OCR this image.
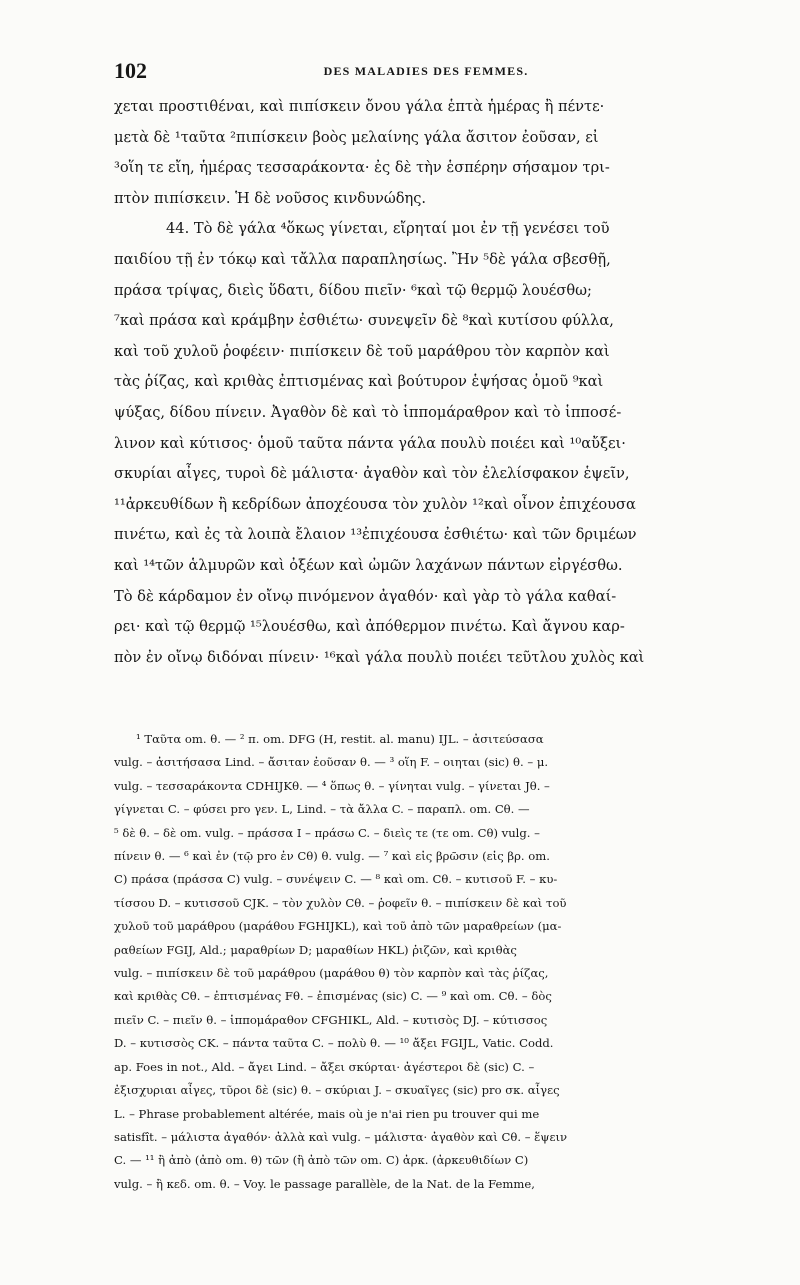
102	DES MALADIES DES FEMMES.
χεται προστιθέναι, καὶ πιπίσκειν ὄνου γάλα ἑπτὰ ἡμέρας ἢ πέντε·
μετὰ δὲ ¹ταῦτα ²πιπίσκειν βοὸς μελαίνης γάλα ἄσιτον ἐοῦσαν, εἰ
³οἵη τε εἴη, ἡμέρας τεσσαράκοντα· ἐς δὲ τὴν ἑσπέρην σήσαμον τρι-
πτὸν πιπίσκειν. Ἡ δὲ νοῦσος κινδυνώδης.
44. Τὸ δὲ γάλα ⁴ὅκως γίνεται, εἴρηταί μοι ἐν τῇ γενέσει τοῦ
παιδίου τῇ ἐν τόκῳ καὶ τἄλλα παραπλησίως. Ἢν ⁵δὲ γάλα σβεσθῇ,
πράσα τρίψας, διεὶς ὕδατι, δίδου πιεῖν· ⁶καὶ τῷ θερμῷ λουέσθω;
⁷καὶ πράσα καὶ κράμβην ἐσθιέτω· συνεψεῖν δὲ ⁸καὶ κυτίσου φύλλα,
καὶ τοῦ χυλοῦ ῥοφέειν· πιπίσκειν δὲ τοῦ μαράθρου τὸν καρπὸν καὶ
τὰς ῥίζας, καὶ κριθὰς ἐπτισμένας καὶ βούτυρον ἑψήσας ὁμοῦ ⁹καὶ
ψύξας, δίδου πίνειν. Ἀγαθὸν δὲ καὶ τὸ ἱππομάραθρον καὶ τὸ ἱπποσέ-
λινον καὶ κύτισος· ὁμοῦ ταῦτα πάντα γάλα πουλὺ ποιέει καὶ ¹⁰αὔξει·
σκυρίαι αἶγες, τυροὶ δὲ μάλιστα· ἀγαθὸν καὶ τὸν ἐλελίσφακον ἑψεῖν,
¹¹ἀρκευθίδων ἢ κεδρίδων ἀποχέουσα τὸν χυλὸν ¹²καὶ οἶνον ἐπιχέουσα
πινέτω, καὶ ἐς τὰ λοιπὰ ἔλαιον ¹³ἐπιχέουσα ἐσθιέτω· καὶ τῶν δριμέων
καὶ ¹⁴τῶν ἁλμυρῶν καὶ ὀξέων καὶ ὠμῶν λαχάνων πάντων εἰργέσθω.
Τὸ δὲ κάρδαμον ἐν οἴνῳ πινόμενον ἀγαθόν· καὶ γὰρ τὸ γάλα καθαί-
ρει· καὶ τῷ θερμῷ ¹⁵λουέσθω, καὶ ἀπόθερμον πινέτω. Καὶ ἄγνου καρ-
πὸν ἐν οἴνῳ διδόναι πίνειν· ¹⁶καὶ γάλα πουλὺ ποιέει τεῦτλου χυλὸς καὶ
¹ Ταῦτα om. θ. — ² π. om. DFG (H, restit. al. manu) IJL. – ἀσιτεύσασα
vulg. – ἀσιτήσασα Lind. – ἄσιταν ἐοῦσαν θ. — ³ οἵη F. – οιηται (sic) θ. – μ.
vulg. – τεσσαράκοντα CDHIJKθ. — ⁴ ὅπως θ. – γίνηται vulg. – γίνεται Jθ. –
γίγνεται C. – φύσει pro γεν. L, Lind. – τὰ ἄλλα C. – παραπλ. om. Cθ. —
⁵ δὲ θ. – δὲ om. vulg. – πράσσα I – πράσω C. – διεὶς τε (τε om. Cθ) vulg. –
πίνειν θ. — ⁶ καὶ ἐν (τῷ pro ἐν Cθ) θ. vulg. — ⁷ καὶ εἰς βρῶσιν (εἰς βρ. om.
C) πράσα (πράσσα C) vulg. – συνέψειν C. — ⁸ καὶ om. Cθ. – κυτισοῦ F. – κυ-
τίσσου D. – κυτισσοῦ CJK. – τὸν χυλὸν Cθ. – ῥοφεῖν θ. – πιπίσκειν δὲ καὶ τοῦ
χυλοῦ τοῦ μαράθρου (μαράθου FGHIJKL), καὶ τοῦ ἀπὸ τῶν μαραθρείων (μα-
ραθείων FGIJ, Ald.; μαραθρίων D; μαραθίων HKL) ῥιζῶν, καὶ κριθὰς
vulg. – πιπίσκειν δὲ τοῦ μαράθρου (μαράθου θ) τὸν καρπὸν καὶ τὰς ῥίζας,
καὶ κριθὰς Cθ. – ἐπτισμένας Fθ. – ἐπισμένας (sic) C. — ⁹ καὶ om. Cθ. – δὸς
πιεῖν C. – πιεῖν θ. – ἱππομάραθον CFGHIKL, Ald. – κυτισὸς DJ. – κύτισσος
D. – κυτισσὸς CK. – πάντα ταῦτα C. – πολὺ θ. — ¹⁰ ἄξει FGIJL, Vatic. Codd.
ap. Foes in not., Ald. – ἄγει Lind. – ἄξει σκύρται· ἀγέστεροι δὲ (sic) C. –
ἐξισχυριαι αἶγες, τῦροι δὲ (sic) θ. – σκύριαι J. – σκυαῖγες (sic) pro σκ. αἶγες
L. – Phrase probablement altérée, mais où je n'ai rien pu trouver qui me
satisfît. – μάλιστα ἀγαθόν· ἀλλὰ καὶ vulg. – μάλιστα· ἀγαθὸν καὶ Cθ. – ἕψειν
C. — ¹¹ ἢ ἀπὸ (ἀπὸ om. θ) τῶν (ἢ ἀπὸ τῶν om. C) ἀρκ. (ἀρκευθιδίων C)
vulg. – ἢ κεδ. om. θ. – Voy. le passage parallèle, de la Nat. de la Femme,
